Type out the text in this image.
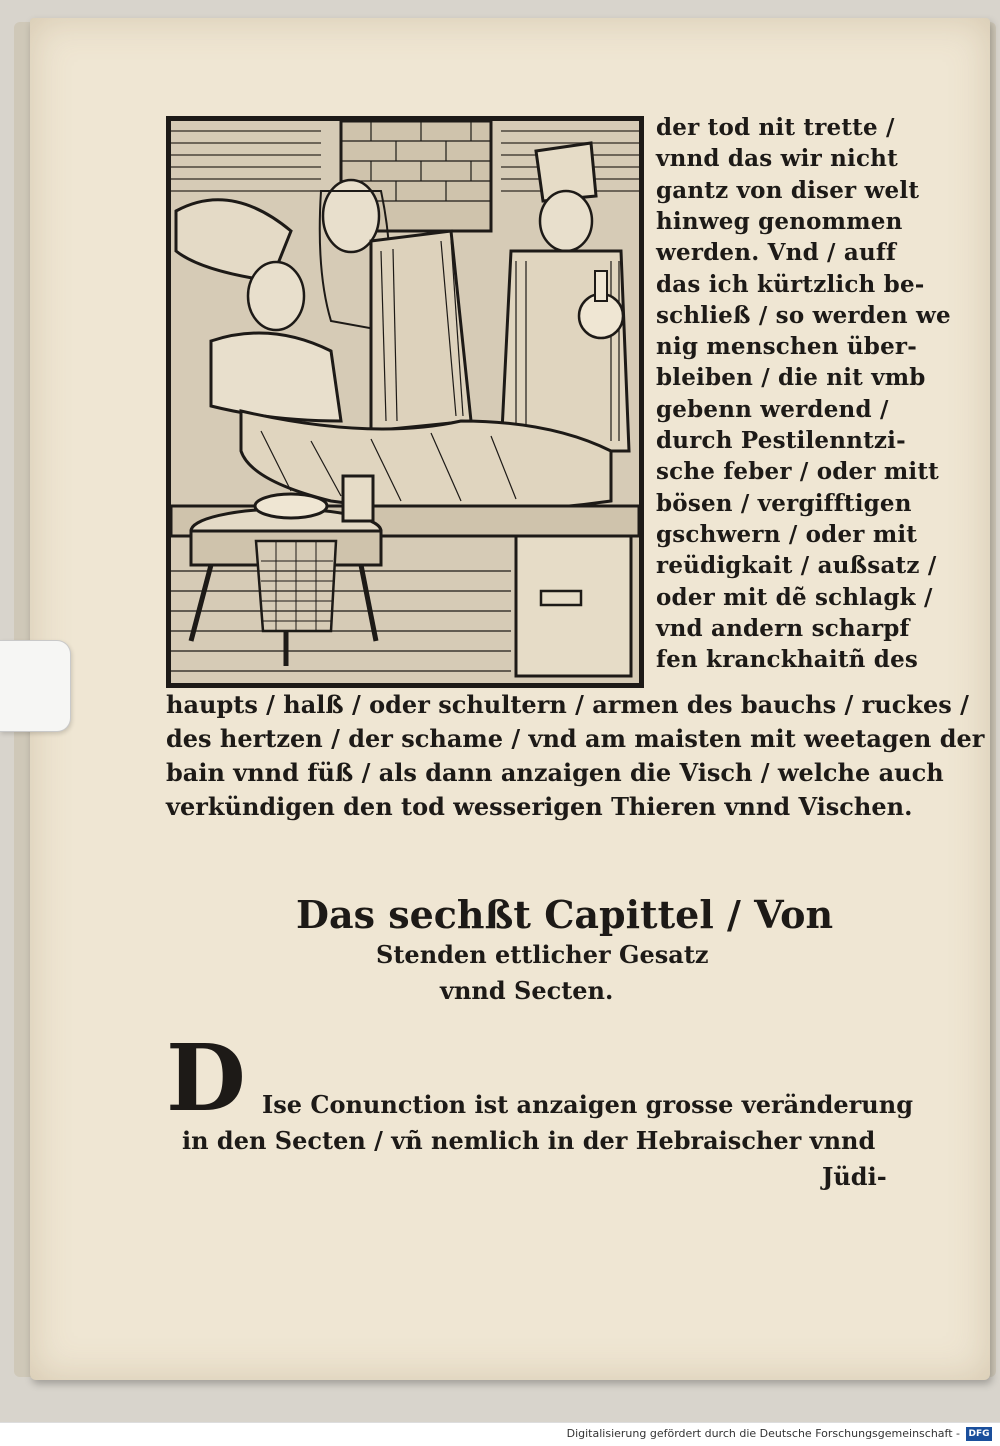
der tod nit trette /
vnnd das wir nicht
gantz von diser welt
hinweg genommen
werden. Vnd / auff
das ich kürtzlich be-
schließ / so werden we
nig menschen über-
bleiben / die nit vmb
gebenn werdend /
durch Pestilenntzi-
sche feber / oder mitt
bösen / vergifftigen
gschwern / oder mit
reüdigkait / außsatz /
oder mit dẽ schlagk /
vnd andern scharpf
fen kranckhaitñ des
haupts / halß / oder schultern / armen des bauchs / ruckes /
des hertzen / der schame / vnd am maisten mit weetagen der
bain vnnd füß / als dann anzaigen die Visch / welche auch
verkündigen den tod wesserigen Thieren vnnd Vischen.
Das sechßt Capittel / Von
Stenden ettlicher Gesatz
vnnd Secten.
D Ise Conunction ist anzaigen grosse veränderung
in den Secten / vñ nemlich in der Hebraischer vnnd
Jüdi-
Digitalisierung gefördert durch die Deutsche Forschungsgemeinschaft - DFG
